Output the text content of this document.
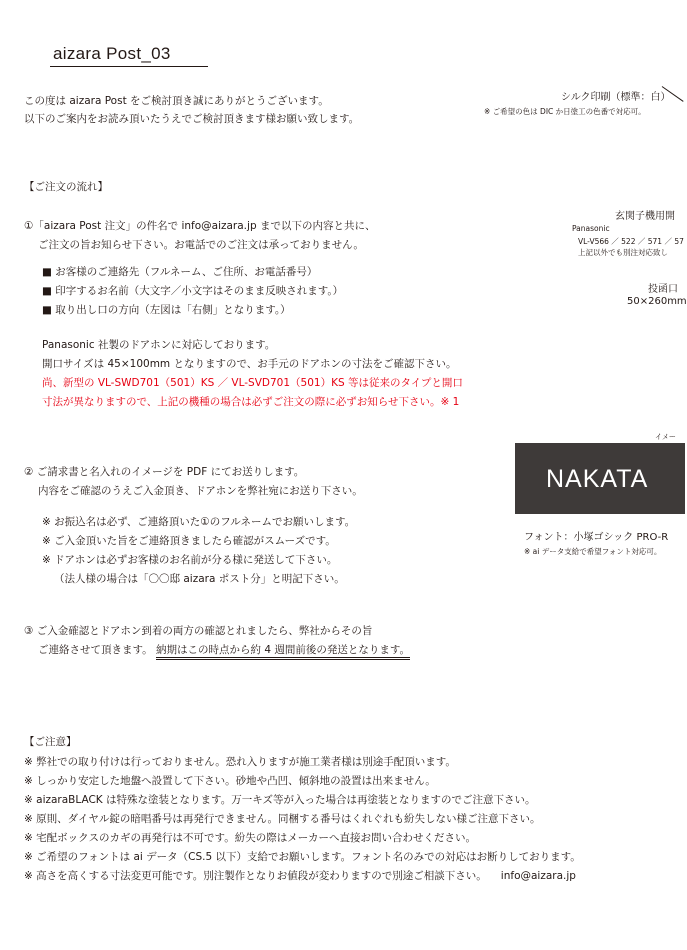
aizara Post_03
この度は aizara Post をご検討頂き誠にありがとうございます。
以下のご案内をお読み頂いたうえでご検討頂きます様お願い致します。
【ご注文の流れ】
①「aizara Post 注文」の件名で info@aizara.jp まで以下の内容と共に、
ご注文の旨お知らせ下さい。お電話でのご注文は承っておりません。
■ お客様のご連絡先（フルネーム、ご住所、お電話番号）
■ 印字するお名前（大文字／小文字はそのまま反映されます。）
■ 取り出し口の方向（左図は「右側」となります。）
Panasonic 社製のドアホンに対応しております。
開口サイズは 45×100mm となりますので、お手元のドアホンの寸法をご確認下さい。
尚、新型の VL-SWD701（501）KS ／ VL-SVD701（501）KS 等は従来のタイプと開口
寸法が異なりますので、上記の機種の場合は必ずご注文の際に必ずお知らせ下さい。※ 1
② ご請求書と名入れのイメージを PDF にてお送りします。
内容をご確認のうえご入金頂き、ドアホンを弊社宛にお送り下さい。
※ お振込名は必ず、ご連絡頂いた①のフルネームでお願いします。
※ ご入金頂いた旨をご連絡頂きましたら確認がスムーズです。
※ ドアホンは必ずお客様のお名前が分る様に発送して下さい。
（法人様の場合は「〇〇邸 aizara ポスト分」と明記下さい。
③ ご入金確認とドアホン到着の両方の確認とれましたら、弊社からその旨
ご連絡させて頂きます。 納期はこの時点から約 4 週間前後の発送となります。
【ご注意】
※ 弊社での取り付けは行っておりません。恐れ入りますが施工業者様は別途手配頂います。
※ しっかり安定した地盤へ設置して下さい。砂地や凸凹、傾斜地の設置は出来ません。
※ aizaraBLACK は特殊な塗装となります。万一キズ等が入った場合は再塗装となりますのでご注意下さい。
※ 原則、ダイヤル錠の暗唱番号は再発行できません。同梱する番号はくれぐれも紛失しない様ご注意下さい。
※ 宅配ボックスのカギの再発行は不可です。紛失の際はメーカーへ直接お問い合わせください。
※ ご希望のフォントは ai データ（CS.5 以下）支給でお願いします。フォント名のみでの対応はお断りしております。
※ 高さを高くする寸法変更可能です。別注製作となりお値段が変わりますので別途ご相談下さい。 info@aizara.jp
シルク印刷（標準：白）
※ ご希望の色は DIC か日塗工の色番で対応可。
玄関子機用開
Panasonic
VL-V566 ／ 522 ／ 571 ／ 57
上記以外でも別注対応致し
投函口
50×260mm
イメー
NAKATA
フォント：小塚ゴシック PRO-R
※ ai データ支給で希望フォント対応可。
